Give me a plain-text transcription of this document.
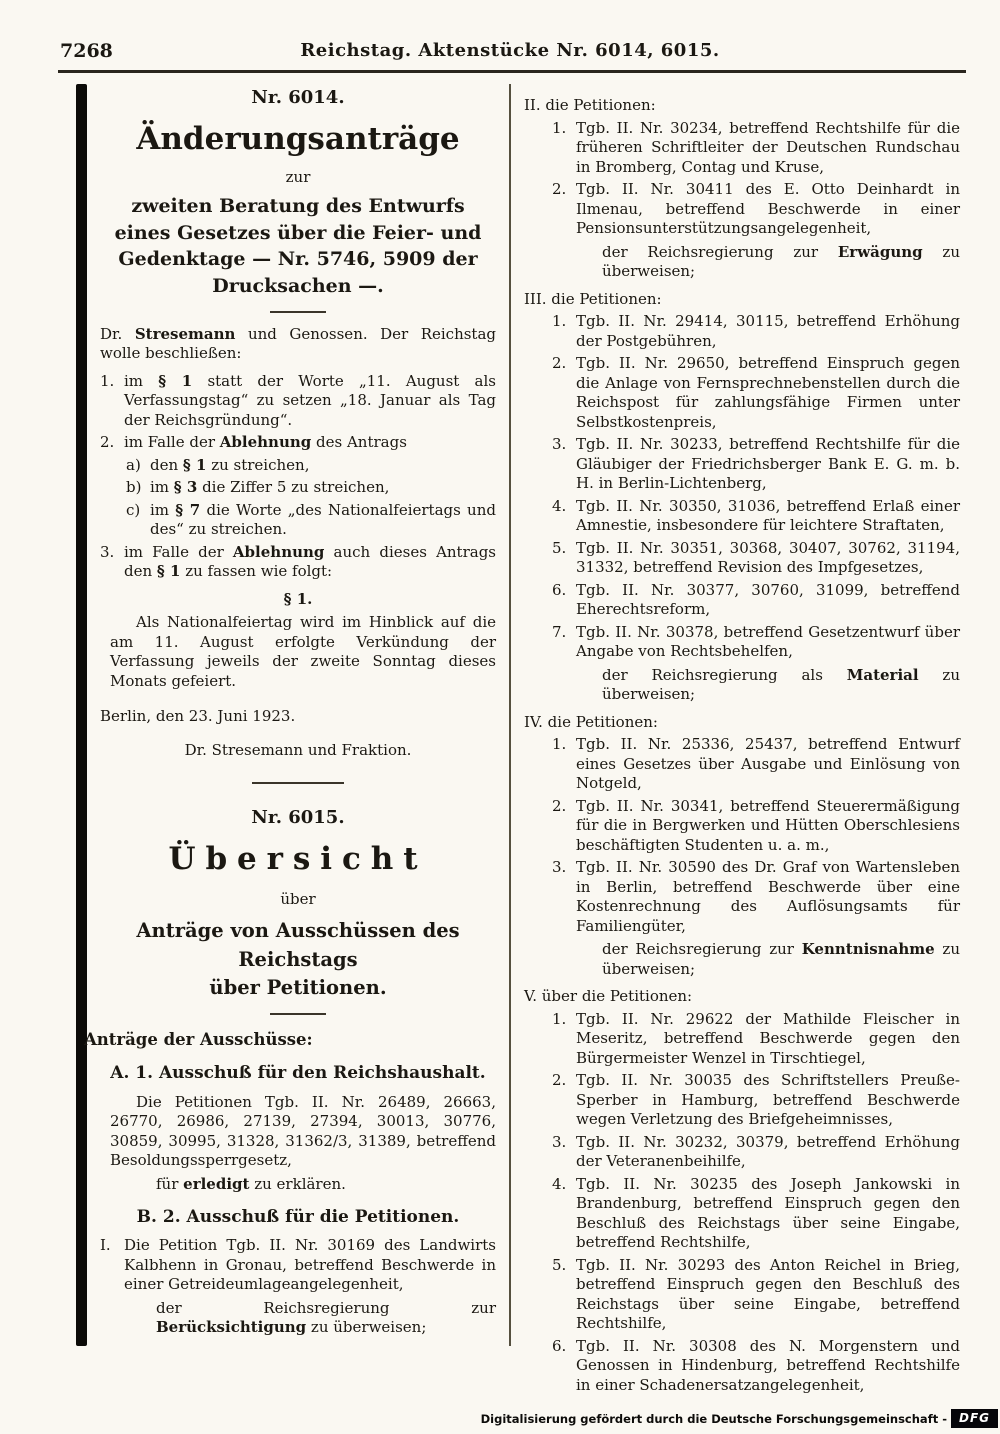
7268	Reichstag. Aktenstücke Nr. 6014, 6015.
Nr. 6014.
Änderungsanträge
zur
zweiten Beratung des Entwurfs eines Gesetzes über die Feier- und Gedenktage — Nr. 5746, 5909 der Drucksachen —.

Dr. Stresemann und Genossen. Der Reichstag wolle beschließen:

1. im § 1 statt der Worte „11. August als Verfassungstag“ zu setzen „18. Januar als Tag der Reichsgründung“.
2. im Falle der Ablehnung des Antrags
a) den § 1 zu streichen,
b) im § 3 die Ziffer 5 zu streichen,
c) im § 7 die Worte „des Nationalfeiertags und des“ zu streichen.
3. im Falle der Ablehnung auch dieses Antrags den § 1 zu fassen wie folgt:
§ 1.

Als Nationalfeiertag wird im Hinblick auf die am 11. August erfolgte Verkündung der Verfassung jeweils der zweite Sonntag dieses Monats gefeiert.

Berlin, den 23. Juni 1923.
Dr. Stresemann und Fraktion.
Nr. 6015.
Übersicht
über
Anträge von Ausschüssen des Reichstags
über Petitionen.
Anträge der Ausschüsse:
A. 1. Ausschuß für den Reichshaushalt.

Die Petitionen Tgb. II. Nr. 26489, 26663, 26770, 26986, 27139, 27394, 30013, 30776, 30859, 30995, 31328, 31362/3, 31389, betreffend Besoldungssperrgesetz,

für erledigt zu erklären.
B. 2. Ausschuß für die Petitionen.
I. Die Petition Tgb. II. Nr. 30169 des Landwirts Kalbhenn in Gronau, betreffend Beschwerde in einer Getreideumlageangelegenheit,
der Reichsregierung zur Berücksichtigung zu überweisen;
II. die Petitionen:
1. Tgb. II. Nr. 30234, betreffend Rechtshilfe für die früheren Schriftleiter der Deutschen Rundschau in Bromberg, Contag und Kruse,
2. Tgb. II. Nr. 30411 des E. Otto Deinhardt in Ilmenau, betreffend Beschwerde in einer Pensionsunterstützungsangelegenheit,
der Reichsregierung zur Erwägung zu überweisen;
III. die Petitionen:
1. Tgb. II. Nr. 29414, 30115, betreffend Erhöhung der Postgebühren,
2. Tgb. II. Nr. 29650, betreffend Einspruch gegen die Anlage von Fernsprechnebenstellen durch die Reichspost für zahlungsfähige Firmen unter Selbstkostenpreis,
3. Tgb. II. Nr. 30233, betreffend Rechtshilfe für die Gläubiger der Friedrichsberger Bank E. G. m. b. H. in Berlin-Lichtenberg,
4. Tgb. II. Nr. 30350, 31036, betreffend Erlaß einer Amnestie, insbesondere für leichtere Straftaten,
5. Tgb. II. Nr. 30351, 30368, 30407, 30762, 31194, 31332, betreffend Revision des Impfgesetzes,
6. Tgb. II. Nr. 30377, 30760, 31099, betreffend Eherechtsreform,
7. Tgb. II. Nr. 30378, betreffend Gesetzentwurf über Angabe von Rechtsbehelfen,
der Reichsregierung als Material zu überweisen;
IV. die Petitionen:
1. Tgb. II. Nr. 25336, 25437, betreffend Entwurf eines Gesetzes über Ausgabe und Einlösung von Notgeld,
2. Tgb. II. Nr. 30341, betreffend Steuerermäßigung für die in Bergwerken und Hütten Oberschlesiens beschäftigten Studenten u. a. m.,
3. Tgb. II. Nr. 30590 des Dr. Graf von Wartensleben in Berlin, betreffend Beschwerde über eine Kostenrechnung des Auflösungsamts für Familiengüter,
der Reichsregierung zur Kenntnisnahme zu überweisen;
V. über die Petitionen:
1. Tgb. II. Nr. 29622 der Mathilde Fleischer in Meseritz, betreffend Beschwerde gegen den Bürgermeister Wenzel in Tirschtiegel,
2. Tgb. II. Nr. 30035 des Schriftstellers Preuße-Sperber in Hamburg, betreffend Beschwerde wegen Verletzung des Briefgeheimnisses,
3. Tgb. II. Nr. 30232, 30379, betreffend Erhöhung der Veteranenbeihilfe,
4. Tgb. II. Nr. 30235 des Joseph Jankowski in Brandenburg, betreffend Einspruch gegen den Beschluß des Reichstags über seine Eingabe, betreffend Rechtshilfe,
5. Tgb. II. Nr. 30293 des Anton Reichel in Brieg, betreffend Einspruch gegen den Beschluß des Reichstags über seine Eingabe, betreffend Rechtshilfe,
6. Tgb. II. Nr. 30308 des N. Morgenstern und Genossen in Hindenburg, betreffend Rechtshilfe in einer Schadenersatzangelegenheit,
Digitalisierung gefördert durch die Deutsche Forschungsgemeinschaft -	DFG
